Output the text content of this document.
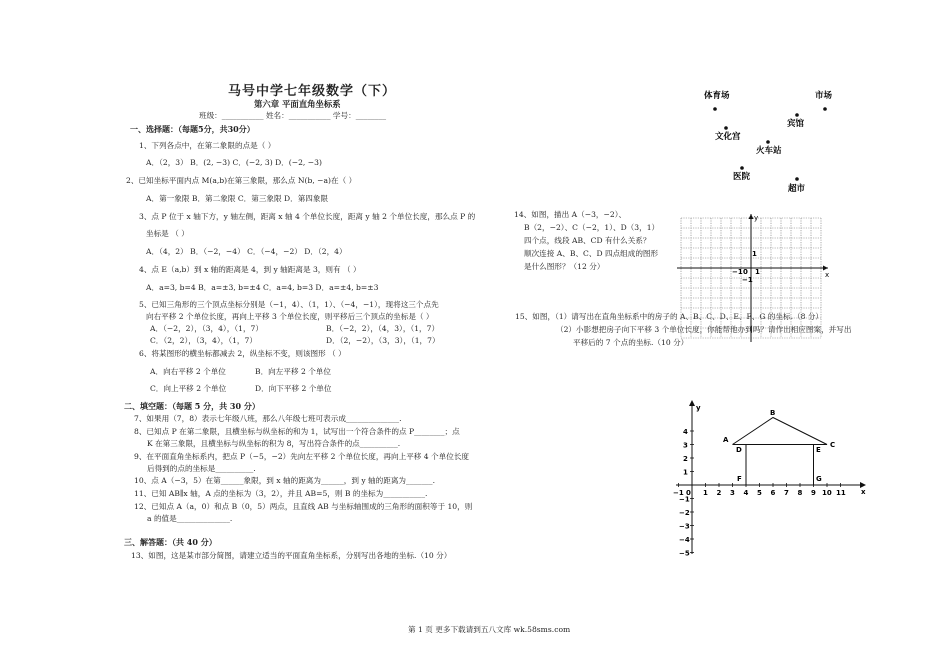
马号中学七年级数学（下）
第六章 平面直角坐标系
班级：___________ 姓名：___________ 学号：________
一、选择题：（每题5分，共30分）
1、下列各点中，在第二象限的点是（ ）
A．（2，3） B．(2, −3) C．(−2, 3) D．(−2, −3)
2、已知坐标平面内点 M(a,b)在第三象限，那么点 N(b, −a)在（ ）
A．第一象限 B．第二象限 C．第三象限 D．第四象限
3、点 P 位于 x 轴下方，y 轴左侧，距离 x 轴 4 个单位长度，距离 y 轴 2 个单位长度，那么点 P 的
坐标是 （ ）
A．（4，2） B．（−2，−4） C．（−4，−2） D．（2，4）
4、点 E（a,b）到 x 轴的距离是 4，到 y 轴距离是 3，则有 （ ）
A．a=3, b=4 B．a=±3, b=±4 C．a=4, b=3 D．a=±4, b=±3
5、已知三角形的三个顶点坐标分别是（−1，4）、（1，1）、（−4，−1），现将这三个点先
向右平移 2 个单位长度，再向上平移 3 个单位长度，则平移后三个顶点的坐标是（ ）
A．（−2，2），（3，4），（1，7）	B．（−2，2），（4，3），（1，7）
C．（2，2），（3，4），（1，7）	D．（2，−2），（3，3），（1，7）
6、将某图形的横坐标都减去 2，纵坐标不变，则该图形 （ ）
A．向右平移 2 个单位	B．向左平移 2 个单位
C．向上平移 2 个单位	D．向下平移 2 个单位
二、填空题：（每题 5 分，共 30 分）
7、如果用（7，8）表示七年级八班，那么八年级七班可表示成______________.
8、已知点 P 在第二象限，且横坐标与纵坐标的和为 1，试写出一个符合条件的点 P________；点
K 在第三象限，且横坐标与纵坐标的积为 8，写出符合条件的点__________.
9、在平面直角坐标系内，把点 P（−5，−2）先向左平移 2 个单位长度，再向上平移 4 个单位长度
后得到的点的坐标是__________.
10、点 A（−3，5）在第______象限，到 x 轴的距离为______，到 y 轴的距离为_______.
11、已知 AB∥x 轴，A 点的坐标为（3，2），并且 AB=5，则 B 的坐标为___________.
12、已知点 A（a，0）和点 B（0，5）两点，且直线 AB 与坐标轴围成的三角形的面积等于 10，则
a 的值是______________.
三、解答题：（共 40 分）
13、如图，这是某市部分简图，请建立适当的平面直角坐标系，分别写出各地的坐标.（10 分）
14、如图，描出 A（−3，−2）、
B（2，−2）、C（−2，1）、D（3，1）
四个点，线段 AB、CD 有什么关系？
顺次连接 A、B、C、D 四点组成的图形
是什么图形？（12 分）
15、如图，（1）请写出在直角坐标系中的房子的 A、B、C、D、E、F、G 的坐标.（8 分）
（2）小影想把房子向下平移 3 个单位长度，你能帮他办到吗？请作出相应图案，并写出
平移后的 7 个点的坐标.（10 分）
体育场	市场
宾馆
文化宫
火车站
医院
超市
x
y
1
1
−1 0
−1
x
y
−1 0 1 2 3 4 5 6 7 8 9 10 11
4
3
2
1
−1
−2
−3
−4
−5
A
B
C
D	E
F	G
第 1 页 更多下载请到五八文库 wk.58sms.com
